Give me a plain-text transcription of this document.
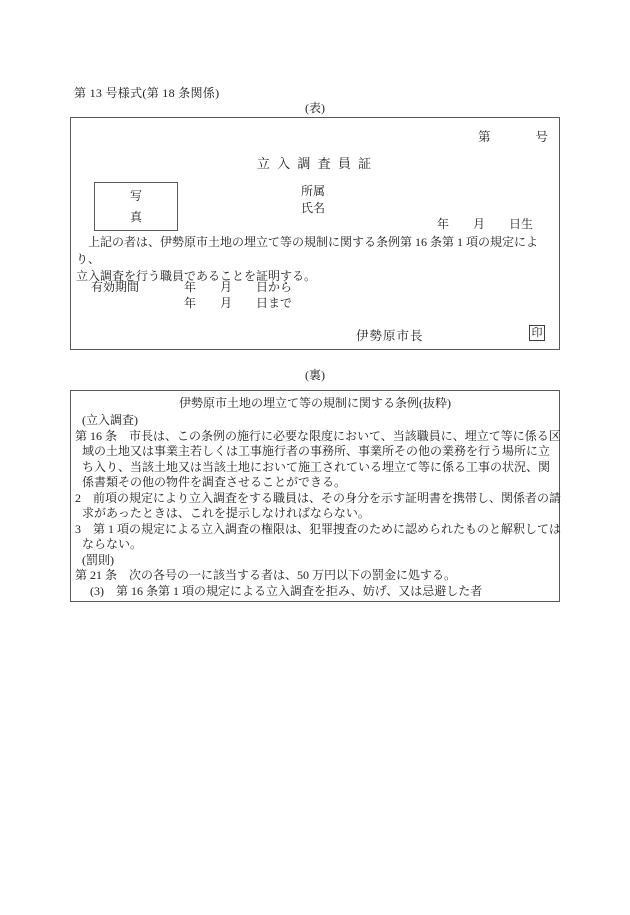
第 13 号様式(第 18 条関係)
(表)
第	号
立 入 調 査 員 証
写
真
所属
氏名
年　　月　　日生
　上記の者は、伊勢原市土地の埋立て等の規制に関する条例第 16 条第 1 項の規定により、
立入調査を行う職員であることを証明する。
有効期間	年　　月　　日から
年　　月　　日まで
伊勢原市長	印
(裏)
伊勢原市土地の埋立て等の規制に関する条例(抜粋)
(立入調査)
第 16 条　市長は、この条例の施行に必要な限度において、当該職員に、埋立て等に係る区
域の土地又は事業主若しくは工事施行者の事務所、事業所その他の業務を行う場所に立
ち入り、当該土地又は当該土地において施工されている埋立て等に係る工事の状況、関
係書類その他の物件を調査させることができる。
2　前項の規定により立入調査をする職員は、その身分を示す証明書を携帯し、関係者の請
求があったときは、これを提示しなければならない。
3　第 1 項の規定による立入調査の権限は、犯罪捜査のために認められたものと解釈しては
ならない。
(罰則)
第 21 条　次の各号の一に該当する者は、50 万円以下の罰金に処する。
(3)　第 16 条第 1 項の規定による立入調査を拒み、妨げ、又は忌避した者
